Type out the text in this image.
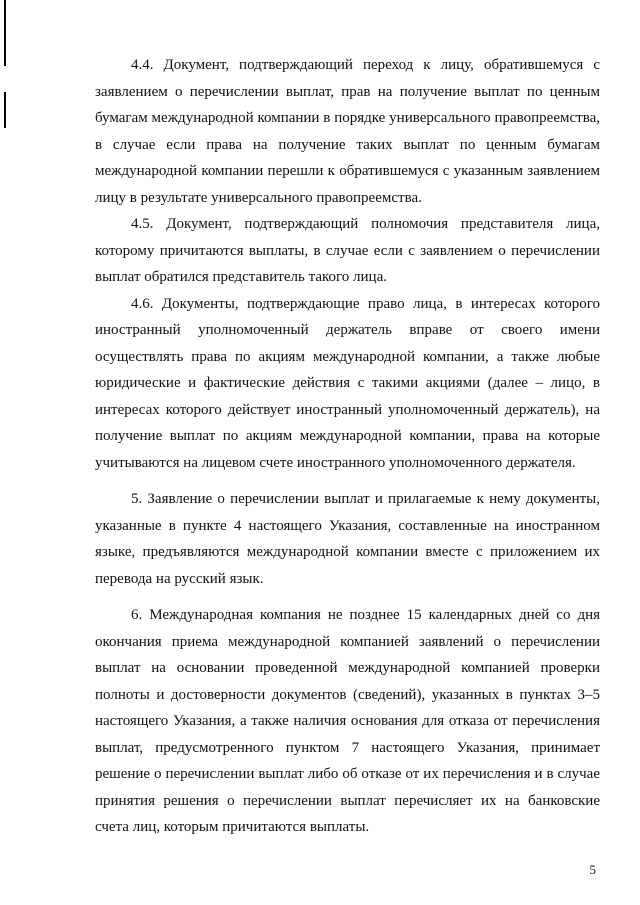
4.4. Документ, подтверждающий переход к лицу, обратившемуся с заявлением о перечислении выплат, прав на получение выплат по ценным бумагам международной компании в порядке универсального правопреемства, в случае если права на получение таких выплат по ценным бумагам международной компании перешли к обратившемуся с указанным заявлением лицу в результате универсального правопреемства.

4.5. Документ, подтверждающий полномочия представителя лица, которому причитаются выплаты, в случае если с заявлением о перечислении выплат обратился представитель такого лица.

4.6. Документы, подтверждающие право лица, в интересах которого иностранный уполномоченный держатель вправе от своего имени осуществлять права по акциям международной компании, а также любые юридические и фактические действия с такими акциями (далее – лицо, в интересах которого действует иностранный уполномоченный держатель), на получение выплат по акциям международной компании, права на которые учитываются на лицевом счете иностранного уполномоченного держателя.

5. Заявление о перечислении выплат и прилагаемые к нему документы, указанные в пункте 4 настоящего Указания, составленные на иностранном языке, предъявляются международной компании вместе с приложением их перевода на русский язык.

6. Международная компания не позднее 15 календарных дней со дня окончания приема международной компанией заявлений о перечислении выплат на основании проведенной международной компанией проверки полноты и достоверности документов (сведений), указанных в пунктах 3–5 настоящего Указания, а также наличия основания для отказа от перечисления выплат, предусмотренного пунктом 7 настоящего Указания, принимает решение о перечислении выплат либо об отказе от их перечисления и в случае принятия решения о перечислении выплат перечисляет их на банковские счета лиц, которым причитаются выплаты.

5
